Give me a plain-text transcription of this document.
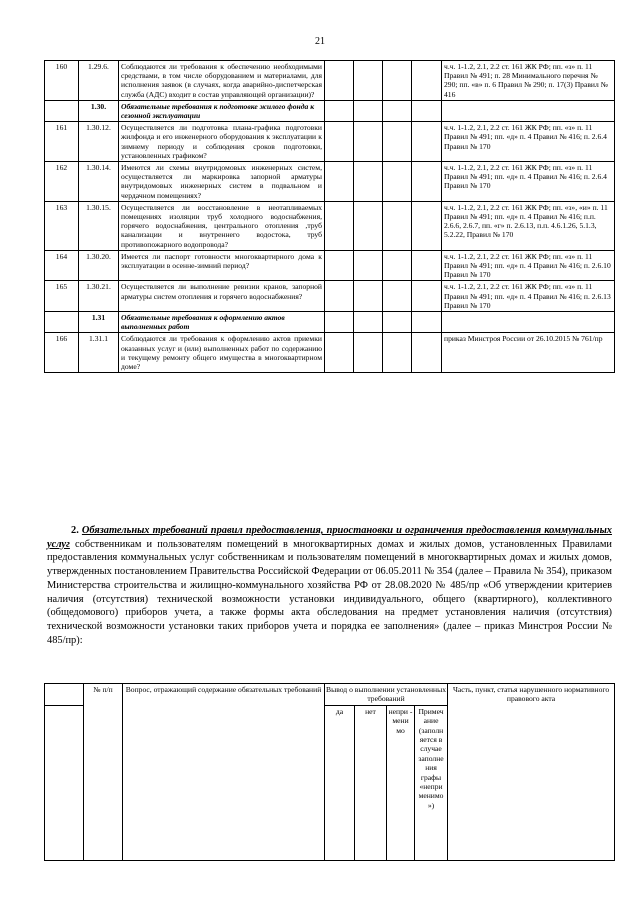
21
160	1.29.6.	Соблюдаются ли требования к обеспечению необходимыми средствами, в том числе оборудованием и материалами, для исполнения заявок (в случаях, когда аварийно-диспетчерская служба (АДС) входит в состав управляющей организации)?					ч.ч. 1-1.2, 2.1, 2.2 ст. 161 ЖК РФ; пп. «з» п. 11 Правил № 491; п. 28 Минимального перечня № 290; пп. «в» п. 6 Правил № 290; п. 17(3) Правил № 416
	1.30.	Обязательные требования к подготовке жилого фонда к сезонной эксплуатации					
161	1.30.12.	Осуществляется ли подготовка плана-графика подготовки жилфонда и его инженерного оборудования к эксплуатации к зимнему периоду и соблюдения сроков подготовки, установленных графиком?					ч.ч. 1-1.2, 2.1, 2.2 ст. 161 ЖК РФ; пп. «з» п. 11 Правил № 491; пп. «д» п. 4 Правил № 416; п. 2.6.4 Правил № 170
162	1.30.14.	Имеются ли схемы внутридомовых инженерных систем, осуществляется ли маркировка запорной арматуры внутридомовых инженерных систем в подвальном и чердачном помещениях?					ч.ч. 1-1.2, 2.1, 2.2 ст. 161 ЖК РФ; пп. «з» п. 11 Правил № 491; пп. «д» п. 4 Правил № 416; п. 2.6.4 Правил № 170
163	1.30.15.	Осуществляется ли восстановление в неотапливаемых помещениях изоляции труб холодного водоснабжения, горячего водоснабжения, центрального отопления ,труб канализации и внутреннего водостока, труб противопожарного водопровода?					ч.ч. 1-1.2, 2.1, 2.2 ст. 161 ЖК РФ; пп. «з», «и» п. 11 Правил № 491; пп. «д» п. 4 Правил № 416; п.п. 2.6.6, 2.6.7, пп. «г» п. 2.6.13, п.п. 4.6.1.26, 5.1.3, 5.2.22, Правил № 170
164	1.30.20.	Имеется ли паспорт готовности многоквартирного дома к эксплуатации в осенне-зимний период?					ч.ч. 1-1.2, 2.1, 2.2 ст. 161 ЖК РФ; пп. «з» п. 11 Правил № 491; пп. «д» п. 4 Правил № 416; п. 2.6.10 Правил № 170
165	1.30.21.	Осуществляется ли выполнение ревизии кранов, запорной арматуры систем отопления и горячего водоснабжения?					ч.ч. 1-1.2, 2.1, 2.2 ст. 161 ЖК РФ; пп. «з» п. 11 Правил № 491; пп. «д» п. 4 Правил № 416; п. 2.6.13 Правил № 170
	1.31	Обязательные требования к оформлению актов выполненных работ					
166	1.31.1	Соблюдаются ли требования к оформлению актов приемки оказанных услуг и (или) выполненных работ по содержанию и текущему ремонту общего имущества в многоквартирном доме?					приказ Минстроя России от 26.10.2015 № 761/пр
2. Обязательных требований правил предоставления, приостановки и ограничения предоставления коммунальных услуг собственникам и пользователям помещений в многоквартирных домах и жилых домов, установленных Правилами предоставления коммунальных услуг собственникам и пользователям помещений в многоквартирных домах и жилых домов, утвержденных постановлением Правительства Российской Федерации от 06.05.2011 № 354 (далее – Правила № 354), приказом Министерства строительства и жилищно-коммунального хозяйства РФ от 28.08.2020 № 485/пр «Об утверждении критериев наличия (отсутствия) технической возможности установки индивидуального, общего (квартирного), коллективного (общедомового) приборов учета, а также формы акта обследования на предмет установления наличия (отсутствия) технической возможности установки таких приборов учета и порядка ее заполнения» (далее – приказ Минстроя России № 485/пр):
	№ п/п	Вопрос, отражающий содержание обязательных требований	Вывод о выполнении установленных требований				Часть, пункт, статья нарушенного нормативного правового акта
			да	нет	непри - мени мо	Примеч ание (заполн яется в случае заполне ния графы «непри менимо »)	
